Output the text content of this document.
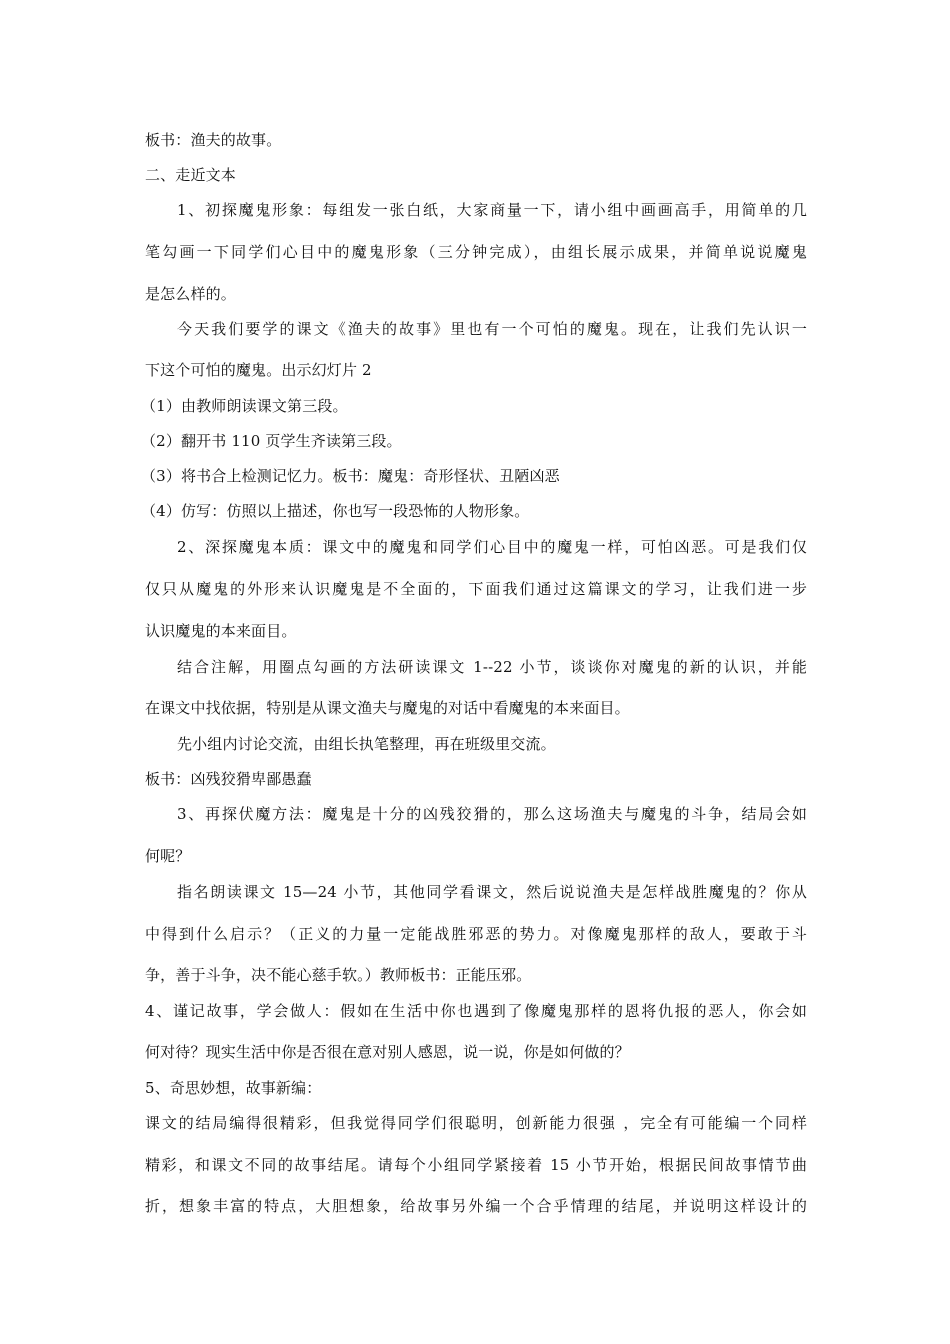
板书：渔夫的故事。
二、走近文本
1、初探魔鬼形象：每组发一张白纸，大家商量一下，请小组中画画高手，用简单的几
笔勾画一下同学们心目中的魔鬼形象（三分钟完成），由组长展示成果，并简单说说魔鬼
是怎么样的。
今天我们要学的课文《渔夫的故事》里也有一个可怕的魔鬼。现在，让我们先认识一
下这个可怕的魔鬼。出示幻灯片 2
（1）由教师朗读课文第三段。
（2）翻开书 110 页学生齐读第三段。
（3）将书合上检测记忆力。板书：魔鬼：奇形怪状、丑陋凶恶
（4）仿写：仿照以上描述，你也写一段恐怖的人物形象。
2、深探魔鬼本质：课文中的魔鬼和同学们心目中的魔鬼一样，可怕凶恶。可是我们仅
仅只从魔鬼的外形来认识魔鬼是不全面的，下面我们通过这篇课文的学习，让我们进一步
认识魔鬼的本来面目。
结合注解，用圈点勾画的方法研读课文 1--22 小节，谈谈你对魔鬼的新的认识，并能
在课文中找依据，特别是从课文渔夫与魔鬼的对话中看魔鬼的本来面目。
先小组内讨论交流，由组长执笔整理，再在班级里交流。
板书：凶残狡猾卑鄙愚蠢
3、再探伏魔方法：魔鬼是十分的凶残狡猾的，那么这场渔夫与魔鬼的斗争，结局会如
何呢？
指名朗读课文 15—24 小节，其他同学看课文，然后说说渔夫是怎样战胜魔鬼的？你从
中得到什么启示？（正义的力量一定能战胜邪恶的势力。对像魔鬼那样的敌人，要敢于斗
争，善于斗争，决不能心慈手软。）教师板书：正能压邪。
4、谨记故事，学会做人：假如在生活中你也遇到了像魔鬼那样的恩将仇报的恶人，你会如
何对待？现实生活中你是否很在意对别人感恩，说一说，你是如何做的？
5、奇思妙想，故事新编：
课文的结局编得很精彩，但我觉得同学们很聪明，创新能力很强 ，完全有可能编一个同样
精彩，和课文不同的故事结尾。请每个小组同学紧接着 15 小节开始，根据民间故事情节曲
折，想象丰富的特点，大胆想象，给故事另外编一个合乎情理的结尾，并说明这样设计的
